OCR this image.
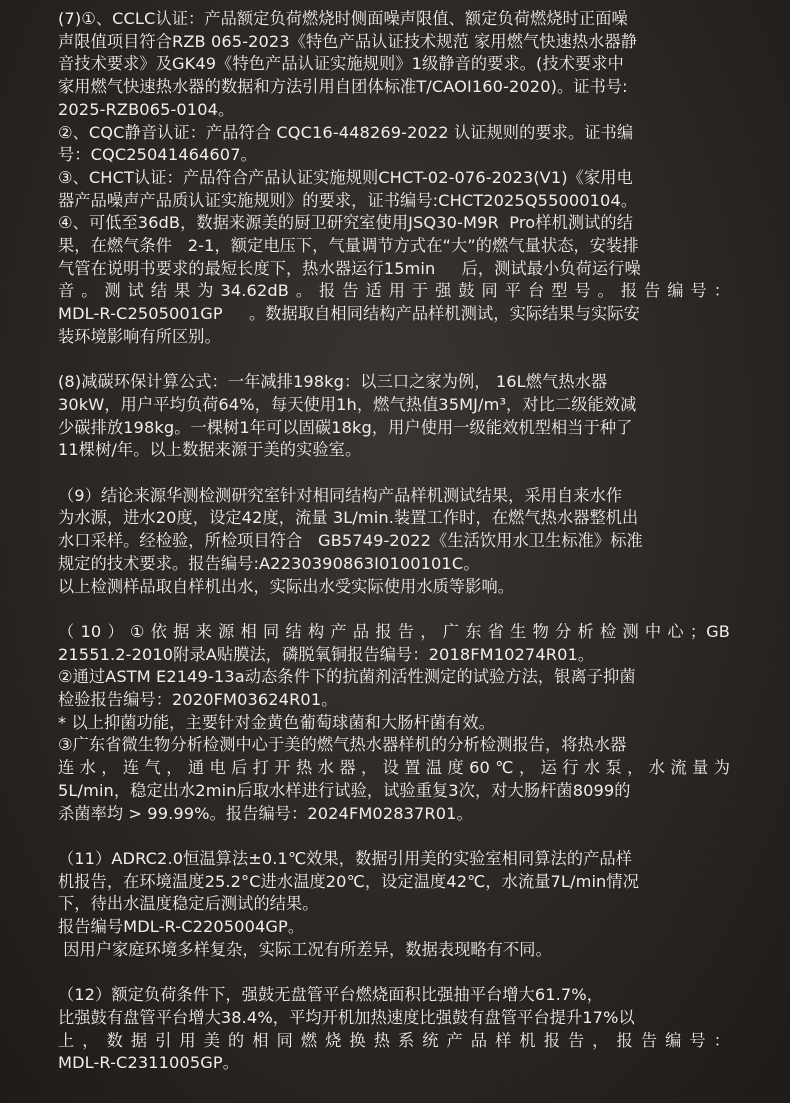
(7)①、CCLC认证：产品额定负荷燃烧时侧面噪声限值、额定负荷燃烧时正面噪

声限值项目符合RZB 065-2023《特色产品认证技术规范 家用燃气快速热水器静

音技术要求》及GK49《特色产品认证实施规则》1级静音的要求。(技术要求中

家用燃气快速热水器的数据和方法引用自团体标准T/CAOI160-2020)。证书号:

2025-RZB065-0104。

②、CQC静音认证：产品符合 CQC16-448269-2022 认证规则的要求。证书编

号：CQC25041464607。

③、CHCT认证：产品符合产品认证实施规则CHCT-02-076-2023(V1)《家用电

器产品噪声产品质认证实施规则》的要求，证书编号:CHCT2025Q55000104。

④、可低至36dB，数据来源美的厨卫研究室使用JSQ30-M9R  Pro样机测试的结

果，在燃气条件   2-1，额定电压下，气量调节方式在“大”的燃气量状态，安装排

气管在说明书要求的最短长度下，热水器运行15min     后，测试最小负荷运行噪

音。测试结果为34.62dB。报告适用于强鼓同平台型号。报告编号：

MDL-R-C2505001GP     。数据取自相同结构产品样机测试，实际结果与实际安

装环境影响有所区别。

(8)减碳环保计算公式：一年减排198kg：以三口之家为例， 16L燃气热水器

30kW，用户平均负荷64%，每天使用1h，燃气热值35MJ/m³，对比二级能效减

少碳排放198kg。一棵树1年可以固碳18kg，用户使用一级能效机型相当于种了

11棵树/年。以上数据来源于美的实验室。

（9）结论来源华测检测研究室针对相同结构产品样机测试结果，采用自来水作

为水源，进水20度，设定42度，流量 3L/min.装置工作时，在燃气热水器整机出

水口采样。经检验，所检项目符合   GB5749-2022《生活饮用水卫生标准》标准

规定的技术要求。报告编号:A2230390863I0100101C。

以上检测样品取自样机出水，实际出水受实际使用水质等影响。

（10）①依据来源相同结构产品报告，广东省生物分析检测中心；GB

21551.2-2010附录A贴膜法，磷脱氧铜报告编号：2018FM10274R01。

②通过ASTM E2149-13a动态条件下的抗菌剂活性测定的试验方法，银离子抑菌

检验报告编号：2020FM03624R01。

* 以上抑菌功能，主要针对金黄色葡萄球菌和大肠杆菌有效。

③广东省微生物分析检测中心于美的燃气热水器样机的分析检测报告，将热水器

连水，连气，通电后打开热水器，设置温度60℃，运行水泵，水流量为

5L/min，稳定出水2min后取水样进行试验，试验重复3次，对大肠杆菌8099的

杀菌率均 > 99.99%。报告编号：2024FM02837R01。

（11）ADRC2.0恒温算法±0.1℃效果，数据引用美的实验室相同算法的产品样

机报告，在环境温度25.2°C进水温度20℃，设定温度42℃，水流量7L/min情况

下，待出水温度稳定后测试的结果。

报告编号MDL-R-C2205004GP。

因用户家庭环境多样复杂，实际工况有所差异，数据表现略有不同。

（12）额定负荷条件下，强鼓无盘管平台燃烧面积比强抽平台增大61.7%，

比强鼓有盘管平台增大38.4%，平均开机加热速度比强鼓有盘管平台提升17%以

上，数据引用美的相同燃烧换热系统产品样机报告，报告编号：

MDL-R-C2311005GP。
